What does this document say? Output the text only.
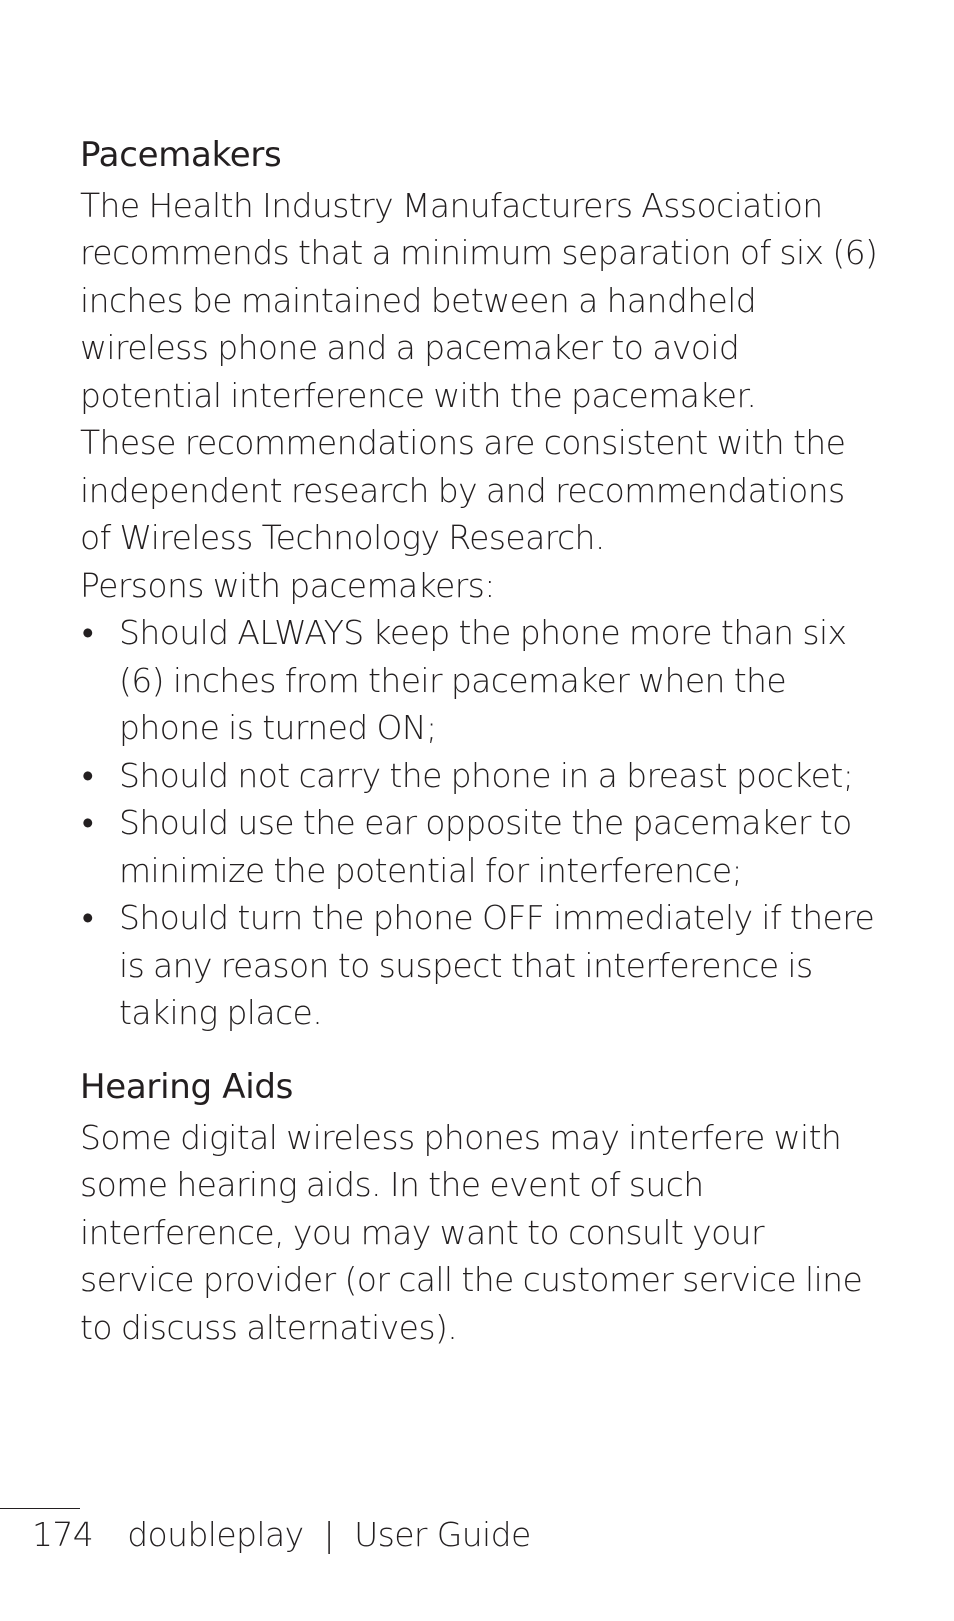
Pacemakers

The Health Industry Manufacturers Association recommends that a minimum separation of six (6) inches be maintained between a handheld wireless phone and a pacemaker to avoid potential interference with the pacemaker.

These recommendations are consistent with the independent research by and recommendations of Wireless Technology Research.

Persons with pacemakers:

• Should ALWAYS keep the phone more than six (6) inches from their pacemaker when the phone is turned ON;
• Should not carry the phone in a breast pocket;
• Should use the ear opposite the pacemaker to minimize the potential for interference;
• Should turn the phone OFF immediately if there is any reason to suspect that interference is taking place.
Hearing Aids

Some digital wireless phones may interfere with some hearing aids. In the event of such interference, you may want to consult your service provider (or call the customer service line to discuss alternatives).

174 doubleplay | User Guide
